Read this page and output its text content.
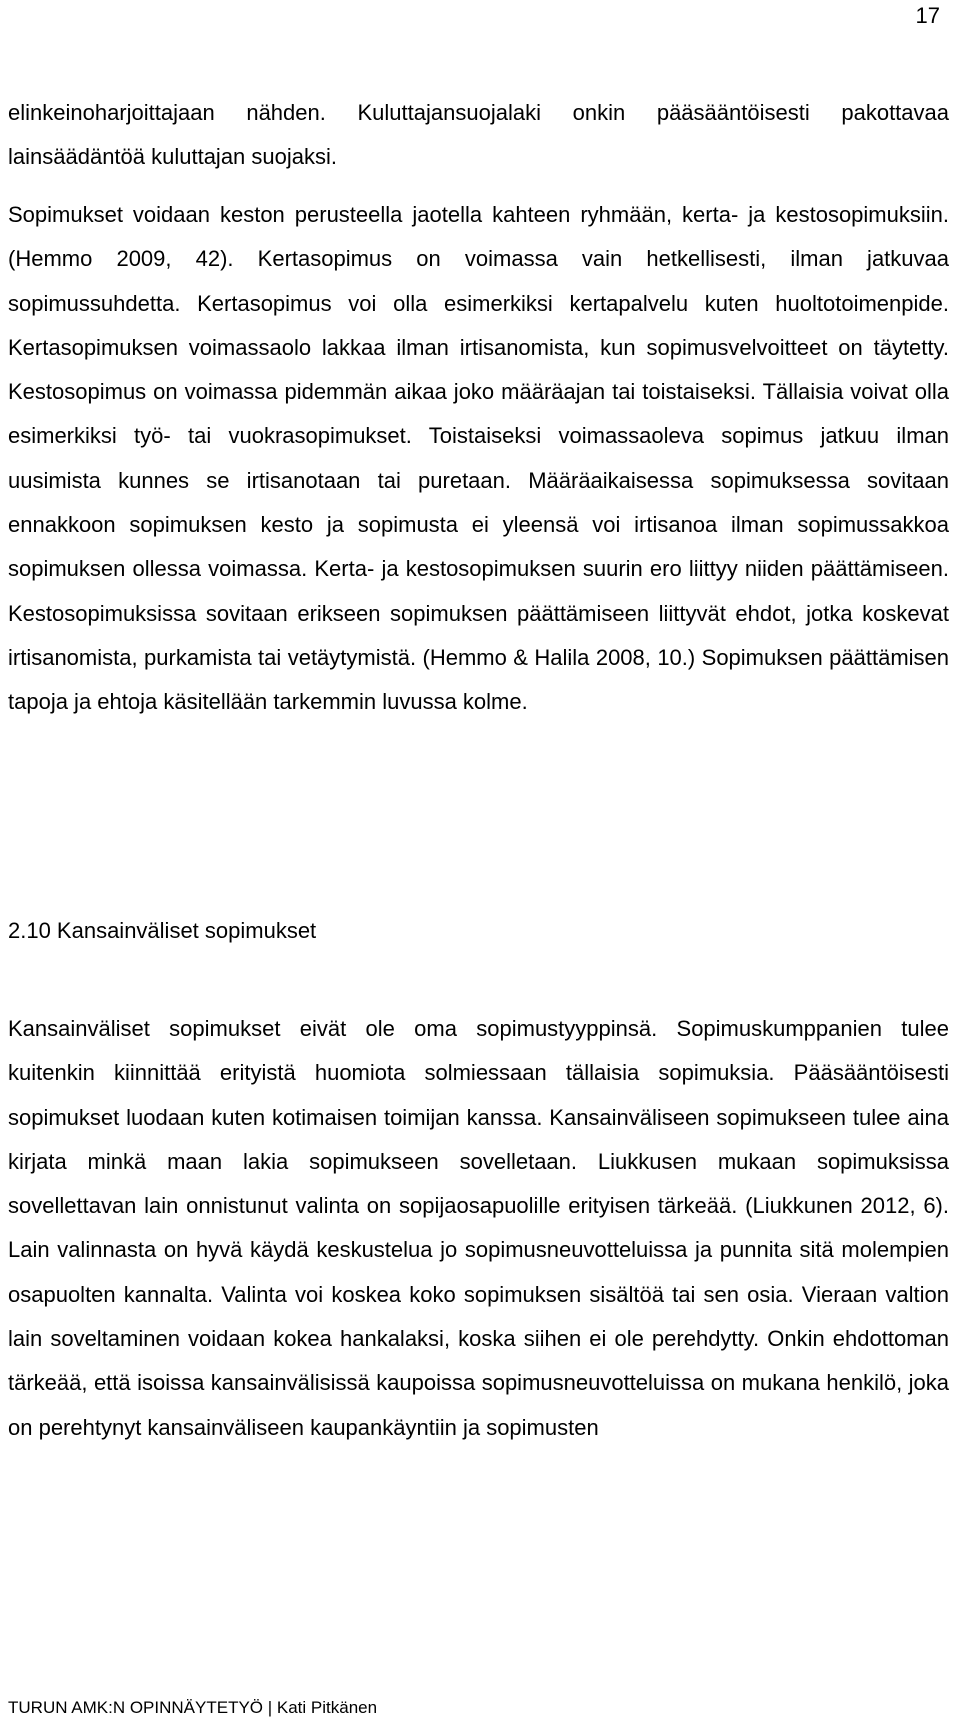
17

elinkeinoharjoittajaan nähden. Kuluttajansuojalaki onkin pääsääntöisesti pakottavaa lainsäädäntöä kuluttajan suojaksi.

Sopimukset voidaan keston perusteella jaotella kahteen ryhmään, kerta- ja kestosopimuksiin. (Hemmo 2009, 42). Kertasopimus on voimassa vain hetkellisesti, ilman jatkuvaa sopimussuhdetta. Kertasopimus voi olla esimerkiksi kertapalvelu kuten huoltotoimenpide. Kertasopimuksen voimassaolo lakkaa ilman irtisanomista, kun sopimusvelvoitteet on täytetty. Kestosopimus on voimassa pidemmän aikaa joko määräajan tai toistaiseksi. Tällaisia voivat olla esimerkiksi työ- tai vuokrasopimukset. Toistaiseksi voimassaoleva sopimus jatkuu ilman uusimista kunnes se irtisanotaan tai puretaan. Määräaikaisessa sopimuksessa sovitaan ennakkoon sopimuksen kesto ja sopimusta ei yleensä voi irtisanoa ilman sopimussakkoa sopimuksen ollessa voimassa. Kerta- ja kestosopimuksen suurin ero liittyy niiden päättämiseen. Kestosopimuksissa sovitaan erikseen sopimuksen päättämiseen liittyvät ehdot, jotka koskevat irtisanomista, purkamista tai vetäytymistä. (Hemmo & Halila 2008, 10.) Sopimuksen päättämisen tapoja ja ehtoja käsitellään tarkemmin luvussa kolme.

2.10 Kansainväliset sopimukset

Kansainväliset sopimukset eivät ole oma sopimustyyppinsä. Sopimuskumppanien tulee kuitenkin kiinnittää erityistä huomiota solmiessaan tällaisia sopimuksia. Pääsääntöisesti sopimukset luodaan kuten kotimaisen toimijan kanssa. Kansainväliseen sopimukseen tulee aina kirjata minkä maan lakia sopimukseen sovelletaan. Liukkusen mukaan sopimuksissa sovellettavan lain onnistunut valinta on sopijaosapuolille erityisen tärkeää. (Liukkunen 2012, 6). Lain valinnasta on hyvä käydä keskustelua jo sopimusneuvotteluissa ja punnita sitä molempien osapuolten kannalta. Valinta voi koskea koko sopimuksen sisältöä tai sen osia. Vieraan valtion lain soveltaminen voidaan kokea hankalaksi, koska siihen ei ole perehdytty. Onkin ehdottoman tärkeää, että isoissa kansainvälisissä kaupoissa sopimusneuvotteluissa on mukana henkilö, joka on perehtynyt kansainväliseen kaupankäyntiin ja sopimusten

TURUN AMK:N OPINNÄYTETYÖ | Kati Pitkänen
